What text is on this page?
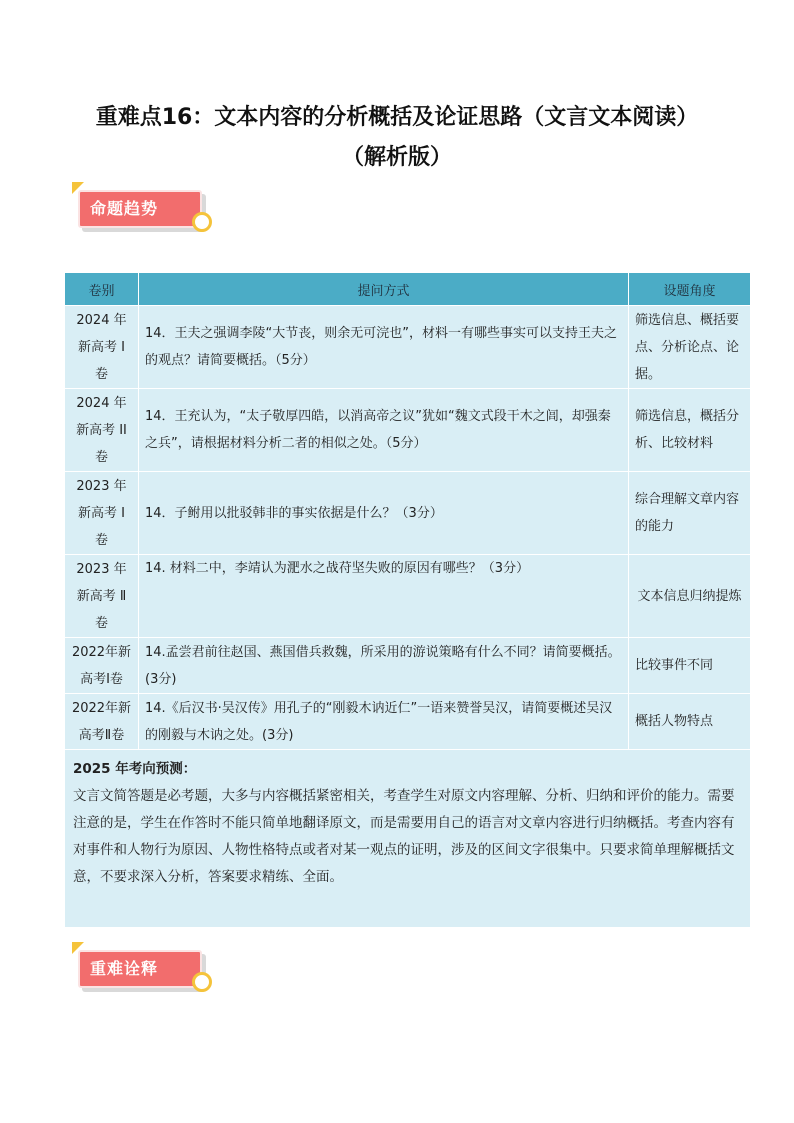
重难点16：文本内容的分析概括及论证思路（文言文本阅读）
（解析版）
命题趋势
卷别	提问方式	设题角度
2024 年新高考 I 卷	14．王夫之强调李陵“大节丧，则余无可浣也”，材料一有哪些事实可以支持王夫之的观点？请简要概括。（5分）	筛选信息、概括要点、分析论点、论据。
2024 年新高考 II 卷	14．王充认为，“太子敬厚四皓，以消高帝之议”犹如“魏文式段干木之闾，却强秦之兵”，请根据材料分析二者的相似之处。（5分）	筛选信息，概括分析、比较材料
2023 年新高考 I 卷	14．子鲋用以批驳韩非的事实依据是什么？（3分）	综合理解文章内容的能力
2023 年新高考 Ⅱ 卷	14. 材料二中，李靖认为淝水之战苻坚失败的原因有哪些？（3分）	文本信息归纳提炼
2022年新高考Ⅰ卷	14.孟尝君前往赵国、燕国借兵救魏，所采用的游说策略有什么不同？请简要概括。(3分)	比较事件不同
2022年新高考Ⅱ卷	14.《后汉书·吴汉传》用孔子的“刚毅木讷近仁”一语来赞誉吴汉，请简要概述吴汉的刚毅与木讷之处。(3分)	概括人物特点

2025 年考向预测：
文言文简答题是必考题，大多与内容概括紧密相关，考查学生对原文内容理解、分析、归纳和评价的能力。需要注意的是，学生在作答时不能只简单地翻译原文，而是需要用自己的语言对文章内容进行归纳概括。考查内容有对事件和人物行为原因、人物性格特点或者对某一观点的证明，涉及的区间文字很集中。只要求简单理解概括文意，不要求深入分析，答案要求精练、全面。		
重难诠释
